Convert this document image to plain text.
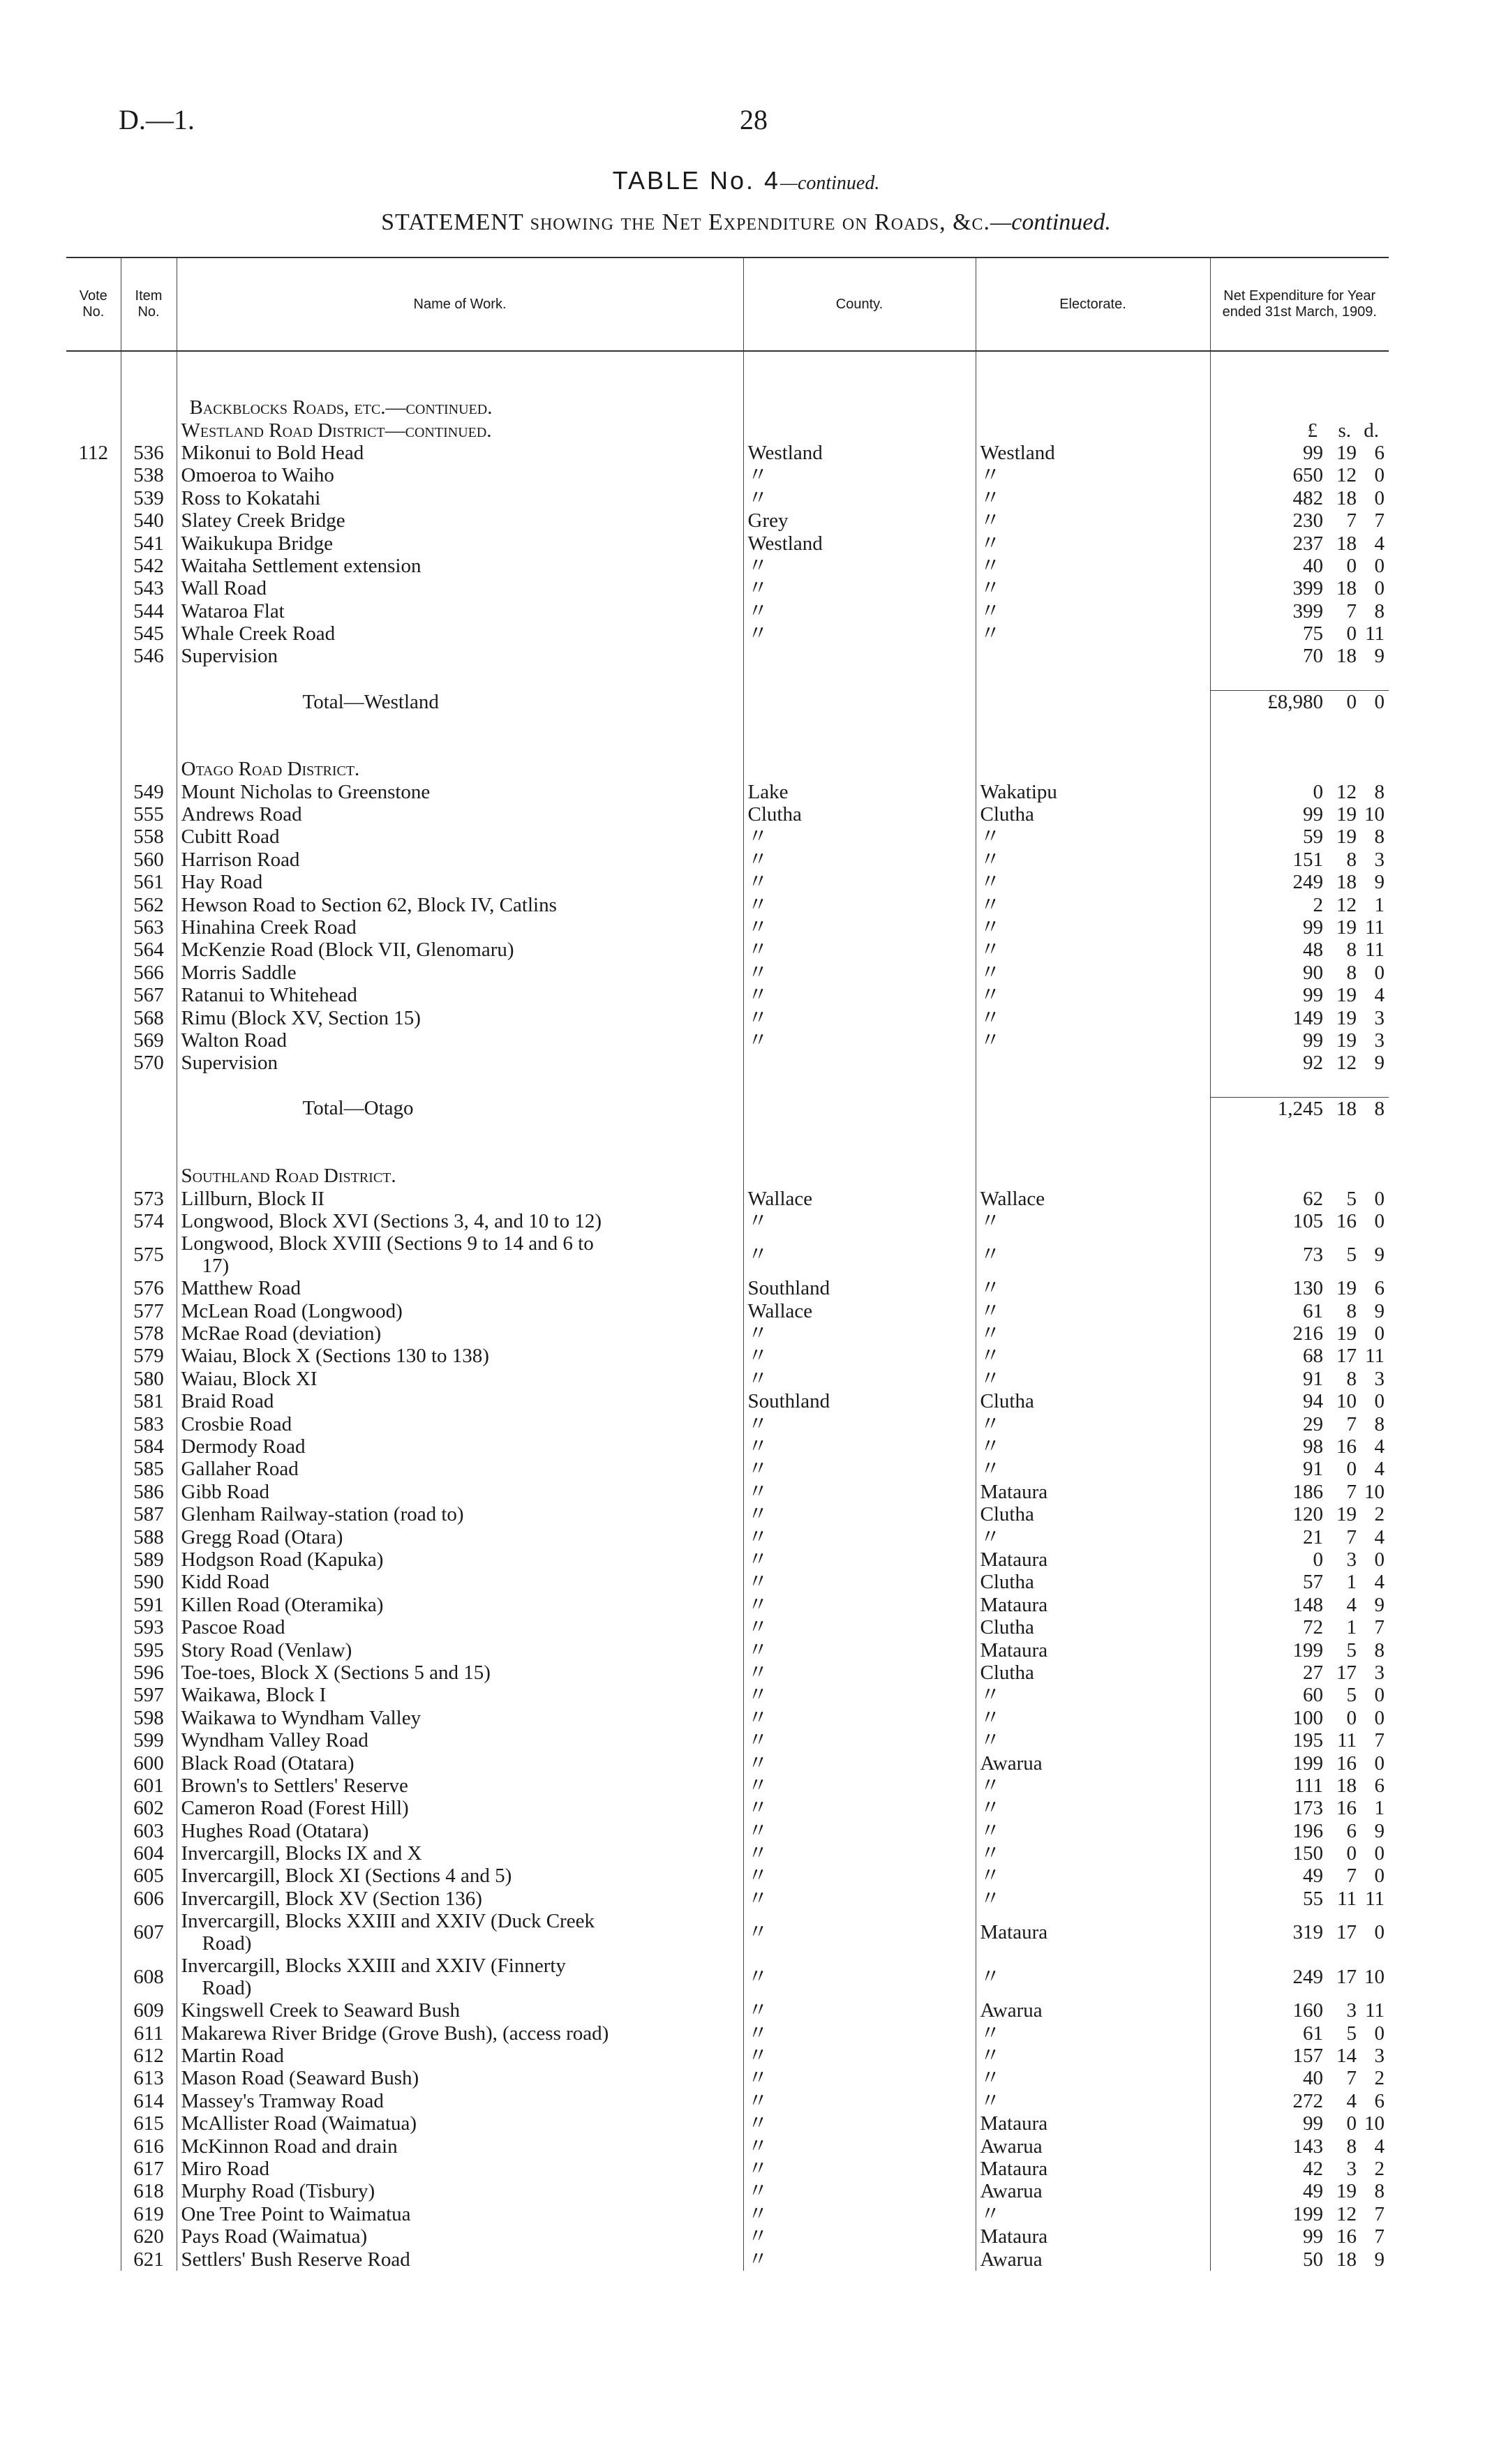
D.—1.	28
TABLE No. 4—continued.
STATEMENT showing the Net Expenditure on Roads, &c.—continued.
Vote No.	Item No.	Name of Work.	County.	Electorate.	Net Expenditure for Year ended 31st March, 1909.

		Backblocks Roads, etc.—continued.			
		Westland Road District—continued.			£ s. d.
112	536	Mikonui to Bold Head	Westland	Westland	99 19 6
	538	Omoeroa to Waiho	〃	〃	650 12 0
	539	Ross to Kokatahi	〃	〃	482 18 0
	540	Slatey Creek Bridge	Grey	〃	230 7 7
	541	Waikukupa Bridge	Westland	〃	237 18 4
	542	Waitaha Settlement extension	〃	〃	40 0 0
	543	Wall Road	〃	〃	399 18 0
	544	Wataroa Flat	〃	〃	399 7 8
	545	Whale Creek Road	〃	〃	75 0 11
	546	Supervision			70 18 9

		Total—Westland			£8,980 0 0

		Otago Road District.			
	549	Mount Nicholas to Greenstone	Lake	Wakatipu	0 12 8
	555	Andrews Road	Clutha	Clutha	99 19 10
	558	Cubitt Road	〃	〃	59 19 8
	560	Harrison Road	〃	〃	151 8 3
	561	Hay Road	〃	〃	249 18 9
	562	Hewson Road to Section 62, Block IV, Catlins	〃	〃	2 12 1
	563	Hinahina Creek Road	〃	〃	99 19 11
	564	McKenzie Road (Block VII, Glenomaru)	〃	〃	48 8 11
	566	Morris Saddle	〃	〃	90 8 0
	567	Ratanui to Whitehead	〃	〃	99 19 4
	568	Rimu (Block XV, Section 15)	〃	〃	149 19 3
	569	Walton Road	〃	〃	99 19 3
	570	Supervision			92 12 9

		Total—Otago			1,245 18 8

		Southland Road District.			
	573	Lillburn, Block II	Wallace	Wallace	62 5 0
	574	Longwood, Block XVI (Sections 3, 4, and 10 to 12)	〃	〃	105 16 0
	575	Longwood, Block XVIII (Sections 9 to 14 and 6 to
17)	〃	〃	73 5 9
	576	Matthew Road	Southland	〃	130 19 6
	577	McLean Road (Longwood)	Wallace	〃	61 8 9
	578	McRae Road (deviation)	〃	〃	216 19 0
	579	Waiau, Block X (Sections 130 to 138)	〃	〃	68 17 11
	580	Waiau, Block XI	〃	〃	91 8 3
	581	Braid Road	Southland	Clutha	94 10 0
	583	Crosbie Road	〃	〃	29 7 8
	584	Dermody Road	〃	〃	98 16 4
	585	Gallaher Road	〃	〃	91 0 4
	586	Gibb Road	〃	Mataura	186 7 10
	587	Glenham Railway-station (road to)	〃	Clutha	120 19 2
	588	Gregg Road (Otara)	〃	〃	21 7 4
	589	Hodgson Road (Kapuka)	〃	Mataura	0 3 0
	590	Kidd Road	〃	Clutha	57 1 4
	591	Killen Road (Oteramika)	〃	Mataura	148 4 9
	593	Pascoe Road	〃	Clutha	72 1 7
	595	Story Road (Venlaw)	〃	Mataura	199 5 8
	596	Toe-toes, Block X (Sections 5 and 15)	〃	Clutha	27 17 3
	597	Waikawa, Block I	〃	〃	60 5 0
	598	Waikawa to Wyndham Valley	〃	〃	100 0 0
	599	Wyndham Valley Road	〃	〃	195 11 7
	600	Black Road (Otatara)	〃	Awarua	199 16 0
	601	Brown's to Settlers' Reserve	〃	〃	111 18 6
	602	Cameron Road (Forest Hill)	〃	〃	173 16 1
	603	Hughes Road (Otatara)	〃	〃	196 6 9
	604	Invercargill, Blocks IX and X	〃	〃	150 0 0
	605	Invercargill, Block XI (Sections 4 and 5)	〃	〃	49 7 0
	606	Invercargill, Block XV (Section 136)	〃	〃	55 11 11
	607	Invercargill, Blocks XXIII and XXIV (Duck Creek
Road)	〃	Mataura	319 17 0
	608	Invercargill, Blocks XXIII and XXIV (Finnerty
Road)	〃	〃	249 17 10
	609	Kingswell Creek to Seaward Bush	〃	Awarua	160 3 11
	611	Makarewa River Bridge (Grove Bush), (access road)	〃	〃	61 5 0
	612	Martin Road	〃	〃	157 14 3
	613	Mason Road (Seaward Bush)	〃	〃	40 7 2
	614	Massey's Tramway Road	〃	〃	272 4 6
	615	McAllister Road (Waimatua)	〃	Mataura	99 0 10
	616	McKinnon Road and drain	〃	Awarua	143 8 4
	617	Miro Road	〃	Mataura	42 3 2
	618	Murphy Road (Tisbury)	〃	Awarua	49 19 8
	619	One Tree Point to Waimatua	〃	〃	199 12 7
	620	Pays Road (Waimatua)	〃	Mataura	99 16 7
	621	Settlers' Bush Reserve Road	〃	Awarua	50 18 9
